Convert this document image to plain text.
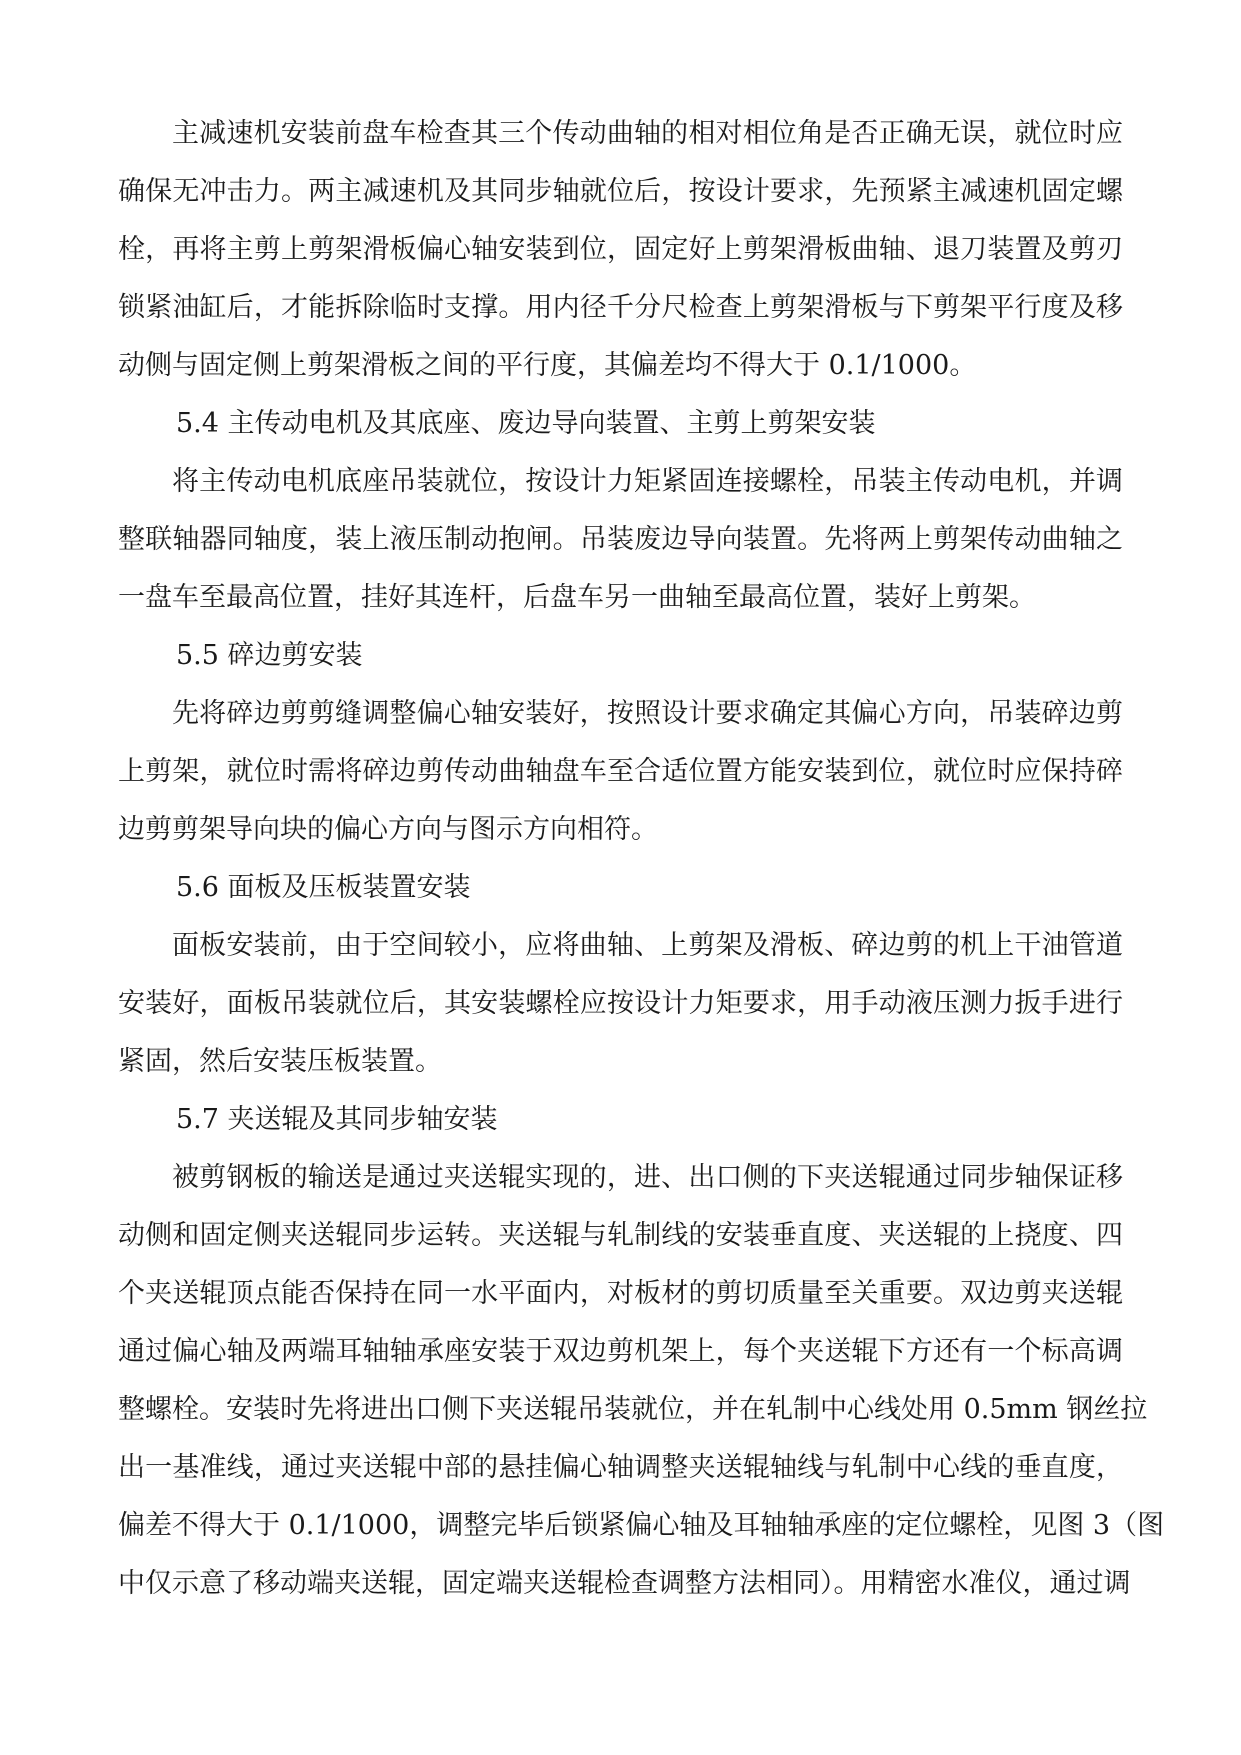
主减速机安装前盘车检查其三个传动曲轴的相对相位角是否正确无误，就位时应
确保无冲击力。两主减速机及其同步轴就位后，按设计要求，先预紧主减速机固定螺
栓，再将主剪上剪架滑板偏心轴安装到位，固定好上剪架滑板曲轴、退刀装置及剪刃
锁紧油缸后，才能拆除临时支撑。用内径千分尺检查上剪架滑板与下剪架平行度及移
动侧与固定侧上剪架滑板之间的平行度，其偏差均不得大于 0.1/1000。
5.4 主传动电机及其底座、废边导向装置、主剪上剪架安装
将主传动电机底座吊装就位，按设计力矩紧固连接螺栓，吊装主传动电机，并调
整联轴器同轴度，装上液压制动抱闸。吊装废边导向装置。先将两上剪架传动曲轴之
一盘车至最高位置，挂好其连杆，后盘车另一曲轴至最高位置，装好上剪架。
5.5 碎边剪安装
先将碎边剪剪缝调整偏心轴安装好，按照设计要求确定其偏心方向，吊装碎边剪
上剪架，就位时需将碎边剪传动曲轴盘车至合适位置方能安装到位，就位时应保持碎
边剪剪架导向块的偏心方向与图示方向相符。
5.6 面板及压板装置安装
面板安装前，由于空间较小，应将曲轴、上剪架及滑板、碎边剪的机上干油管道
安装好，面板吊装就位后，其安装螺栓应按设计力矩要求，用手动液压测力扳手进行
紧固，然后安装压板装置。
5.7 夹送辊及其同步轴安装
被剪钢板的输送是通过夹送辊实现的，进、出口侧的下夹送辊通过同步轴保证移
动侧和固定侧夹送辊同步运转。夹送辊与轧制线的安装垂直度、夹送辊的上挠度、四
个夹送辊顶点能否保持在同一水平面内，对板材的剪切质量至关重要。双边剪夹送辊
通过偏心轴及两端耳轴轴承座安装于双边剪机架上，每个夹送辊下方还有一个标高调
整螺栓。安装时先将进出口侧下夹送辊吊装就位，并在轧制中心线处用 0.5mm 钢丝拉
出一基准线，通过夹送辊中部的悬挂偏心轴调整夹送辊轴线与轧制中心线的垂直度，
偏差不得大于 0.1/1000，调整完毕后锁紧偏心轴及耳轴轴承座的定位螺栓，见图 3（图
中仅示意了移动端夹送辊，固定端夹送辊检查调整方法相同）。用精密水准仪，通过调
